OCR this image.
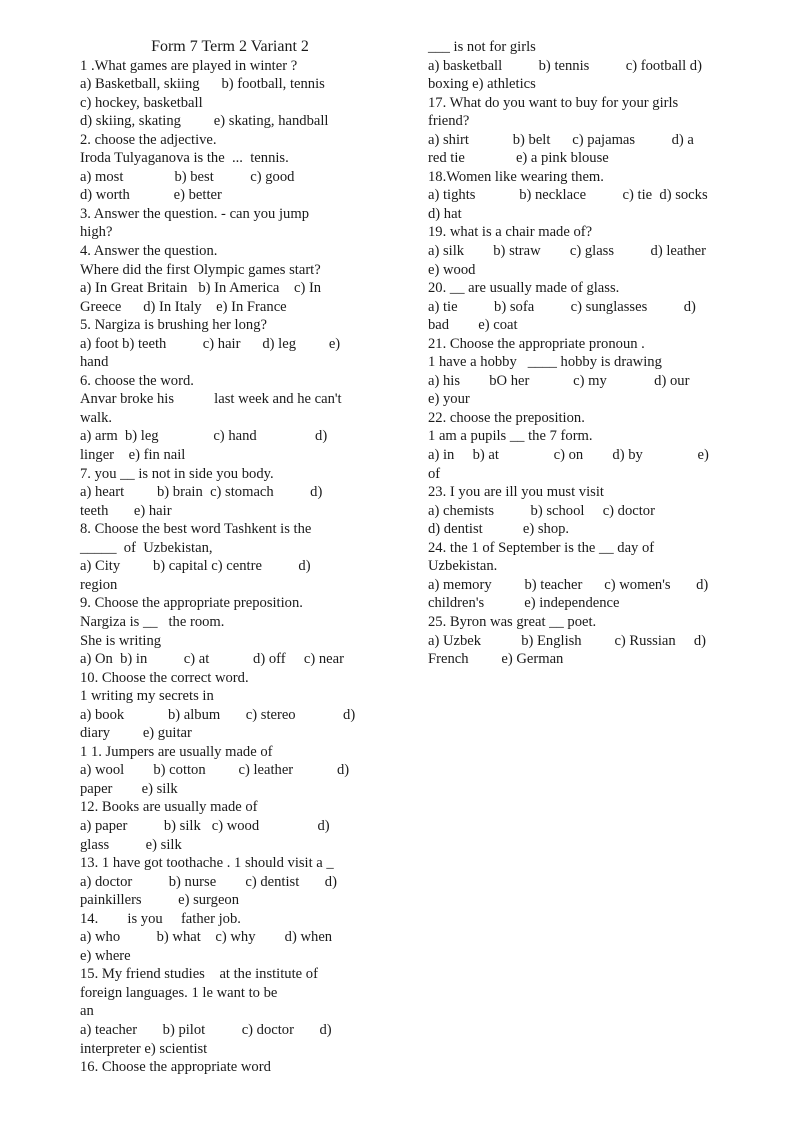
Form 7 Term 2 Variant 2
1 .What games are played in winter ?
a) Basketball, skiing      b) football, tennis
c) hockey, basketball
d) skiing, skating         e) skating, handball
2. choose the adjective.
Iroda Tulyaganova is the  ...  tennis.
a) most              b) best          c) good
d) worth            e) better
3. Answer the question. - can you jump
high?
4. Answer the question.
Where did the first Olympic games start?
a) In Great Britain   b) In America    c) In
Greece      d) In Italy    e) In France
5. Nargiza is brushing her long?
a) foot b) teeth          c) hair      d) leg         e)
hand
6. choose the word.
Anvar broke his           last week and he can't
walk.
a) arm  b) leg               c) hand                d)
linger    e) fin nail
7. you __ is not in side you body.
a) heart         b) brain  c) stomach          d)
teeth       e) hair
8. Choose the best word Tashkent is the
_____  of  Uzbekistan,
a) City         b) capital c) centre          d)
region
9. Choose the appropriate preposition.
Nargiza is __   the room.
She is writing
a) On  b) in          c) at            d) off     c) near
10. Choose the correct word.
1 writing my secrets in
a) book            b) album       c) stereo             d)
diary         e) guitar
1 1. Jumpers are usually made of
a) wool        b) cotton         c) leather            d)
paper        e) silk
12. Books are usually made of
a) paper          b) silk   c) wood                d)
glass          e) silk
13. 1 have got toothache . 1 should visit a _
a) doctor          b) nurse        c) dentist       d)
painkillers          e) surgeon
14.        is you     father job.
a) who          b) what    c) why        d) when
e) where
15. My friend studies    at the institute of
foreign languages. 1 le want to be
an
a) teacher       b) pilot          c) doctor       d)
interpreter e) scientist
16. Choose the appropriate word
___ is not for girls
a) basketball          b) tennis          c) football d)
boxing e) athletics
17. What do you want to buy for your girls
friend?
a) shirt            b) belt      c) pajamas          d) a
red tie              e) a pink blouse
18.Women like wearing them.
a) tights            b) necklace          c) tie  d) socks
d) hat
19. what is a chair made of?
a) silk        b) straw        c) glass          d) leather
e) wood
20. __ are usually made of glass.
a) tie          b) sofa          c) sunglasses          d)
bad        e) coat
21. Choose the appropriate pronoun .
1 have a hobby   ____ hobby is drawing
a) his        bO her            c) my             d) our
e) your
22. choose the preposition.
1 am a pupils __ the 7 form.
a) in     b) at               c) on        d) by               e)
of
23. I you are ill you must visit
a) chemists          b) school     c) doctor
d) dentist           e) shop.
24. the 1 of September is the __ day of
Uzbekistan.
a) memory         b) teacher      c) women's       d)
children's           e) independence
25. Byron was great __ poet.
a) Uzbek           b) English         c) Russian     d)
French         e) German
